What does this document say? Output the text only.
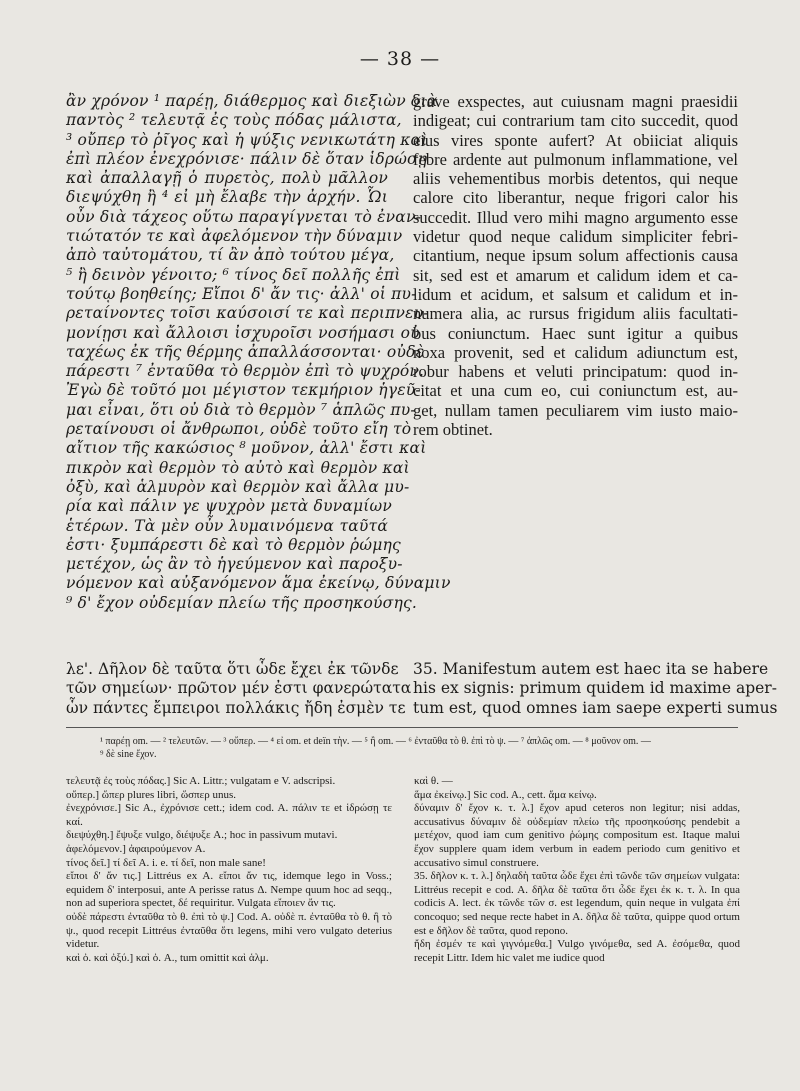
— 38 —
ἂν χρόνον ¹ παρέῃ, διάθερμος καὶ διεξιὼν διὰ
παντὸς ² τελευτᾷ ἐς τοὺς πόδας μάλιστα,
³ οὔπερ τὸ ῥῖγος καὶ ἡ ψύξις νενικωτάτη καὶ
ἐπὶ πλέον ἐνεχρόνισε· πάλιν δὲ ὅταν ἱδρώσῃ
καὶ ἀπαλλαγῇ ὁ πυρετὸς, πολὺ μᾶλλον
διεψύχθη ἢ ⁴ εἰ μὴ ἔλαβε τὴν ἀρχήν. Ὧι
οὖν διὰ τάχεος οὕτω παραγίγνεται τὸ ἐναν-
τιώτατόν τε καὶ ἀφελόμενον τὴν δύναμιν
ἀπὸ ταὐτομάτου, τί ἂν ἀπὸ τούτου μέγα,
⁵ ἢ δεινὸν γένοιτο; ⁶ τίνος δεῖ πολλῆς ἐπὶ
τούτῳ βοηθείης; Εἴποι δ' ἄν τις· ἀλλ' οἱ πυ-
ρεταίνοντες τοῖσι καύσοισί τε καὶ περιπνευ-
μονίῃσι καὶ ἄλλοισι ἰσχυροῖσι νοσήμασι οὐ
ταχέως ἐκ τῆς θέρμης ἀπαλλάσσονται· οὐδὲ
πάρεστι ⁷ ἐνταῦθα τὸ θερμὸν ἐπὶ τὸ ψυχρόν.
Ἐγὼ δὲ τοῦτό μοι μέγιστον τεκμήριον ἡγεῦ-
μαι εἶναι, ὅτι οὐ διὰ τὸ θερμὸν ⁷ ἁπλῶς πυ-
ρεταίνουσι οἱ ἄνθρωποι, οὐδὲ τοῦτο εἴη τὸ
αἴτιον τῆς κακώσιος ⁸ μοῦνον, ἀλλ' ἔστι καὶ
πικρὸν καὶ θερμὸν τὸ αὐτὸ καὶ θερμὸν καὶ
ὀξὺ, καὶ ἁλμυρὸν καὶ θερμὸν καὶ ἄλλα μυ-
ρία καὶ πάλιν γε ψυχρὸν μετὰ δυναμίων
ἑτέρων. Τὰ μὲν οὖν λυμαινόμενα ταῦτά
ἐστι· ξυμπάρεστι δὲ καὶ τὸ θερμὸν ῥώμης
μετέχον, ὡς ἂν τὸ ἡγεύμενον καὶ παροξυ-
νόμενον καὶ αὐξανόμενον ἅμα ἐκείνῳ, δύναμιν
⁹ δ' ἔχον οὐδεμίαν πλείω τῆς προσηκούσης.
grave exspectes, aut cuiusnam magni praesidii
indigeat; cui contrarium tam cito succedit, quod
eius vires sponte aufert? At obiiciat aliquis
febre ardente aut pulmonum inflammatione, vel
aliis vehementibus morbis detentos, qui neque
calore cito liberantur, neque frigori calor his
succedit. Illud vero mihi magno argumento esse
videtur quod neque calidum simpliciter febri-
citantium, neque ipsum solum affectionis causa
sit, sed est et amarum et calidum idem et ca-
lidum et acidum, et salsum et calidum et in-
numera alia, ac rursus frigidum aliis facultati-
bus coniunctum. Haec sunt igitur a quibus
noxa provenit, sed et calidum adiunctum est,
robur habens et veluti principatum: quod in-
citat et una cum eo, cui coniunctum est, au-
get, nullam tamen peculiarem vim iusto maio-
rem obtinet.
λε'. Δῆλον δὲ ταῦτα ὅτι ὧδε ἔχει ἐκ τῶνδε
τῶν σημείων· πρῶτον μέν ἐστι φανερώτατα
ὧν πάντες ἔμπειροι πολλάκις ἤδη ἐσμὲν τε
35. Manifestum autem est haec ita se habere
his ex signis: primum quidem id maxime aper-
tum est, quod omnes iam saepe experti sumus
¹ παρέῃ om. — ² τελευτῶν. — ³ οὔπερ. — ⁴ εἰ om. et deïn τὴν. — ⁵ ἢ om. — ⁶ ἐνταῦθα τὸ θ. ἐπὶ τὸ ψ. — ⁷ ἁπλῶς om. — ⁸ μοῦνον om. —
⁹ δὲ sine ἔχον.
τελευτᾷ ἐς τοὺς πόδας.] Sic A. Littr.; vulgatam e V. adscripsi.
οὔπερ.] ὥπερ plures libri, ὥσπερ unus.
ἐνεχρόνισε.] Sic A., ἐχρόνισε cett.; idem cod. A. πάλιν τε et ἱδρώσῃ τε καί.
διεψύχθη.] ἔψυξε vulgo, διέψυξε A.; hoc in passivum mutavi.
ἀφελόμενον.] ἀφαιρούμενον A.
τίνος δεῖ.] τί δεῖ A. i. e. τί δεῖ, non male sane!
εἴποι δ' ἄν τις.] Littréus ex A. εἴποι ἄν τις, idemque lego in Voss.; equidem δ' interposui, ante A perisse ratus Δ. Nempe quum hoc ad seqq., non ad superiora spectet, δέ requiritur. Vulgata εἴποιεν ἄν τις.
οὐδὲ πάρεστι ἐνταῦθα τὸ θ. ἐπὶ τὸ ψ.] Cod. A. οὐδὲ π. ἐνταῦθα τὸ θ. ἢ τὸ ψ., quod recepit Littréus ἐνταῦθα ὅτι legens, mihi vero vulgato deterius videtur.
καὶ ὀ. καὶ ὀξύ.] καὶ ὀ. A., tum omittit καὶ ἁλμ.
καὶ θ. —
ἅμα ἐκείνῳ.] Sic cod. A., cett. ἅμα κείνῳ.
δύναμιν δ' ἔχον κ. τ. λ.] ἔχον apud ceteros non legitur; nisi addas, accusativus δύναμιν δὲ οὐδεμίαν πλείω τῆς προσηκούσης pendebit a μετέχον, quod iam cum genitivo ῥώμης compositum est. Itaque malui ἔχον supplere quam idem verbum in eadem periodo cum genitivo et accusativo simul construere.
35. δῆλον κ. τ. λ.] δηλαδὴ ταῦτα ὧδε ἔχει ἐπὶ τῶνδε τῶν σημείων vulgata: Littréus recepit e cod. A. δῆλα δὲ ταῦτα ὅτι ὧδε ἔχει ἐκ κ. τ. λ. In qua codicis A. lect. ἐκ τῶνδε τῶν σ. est legendum, quin neque in vulgata ἐπί concoquo; sed neque recte habet in A. δῆλα δὲ ταῦτα, quippe quod ortum est e δῆλον δὲ ταῦτα, quod repono.
ἤδη ἐσμέν τε καὶ γιγνόμεθα.] Vulgo γινόμεθα, sed A. ἐσόμεθα, quod recepit Littr. Idem hic valet me iudice quod
